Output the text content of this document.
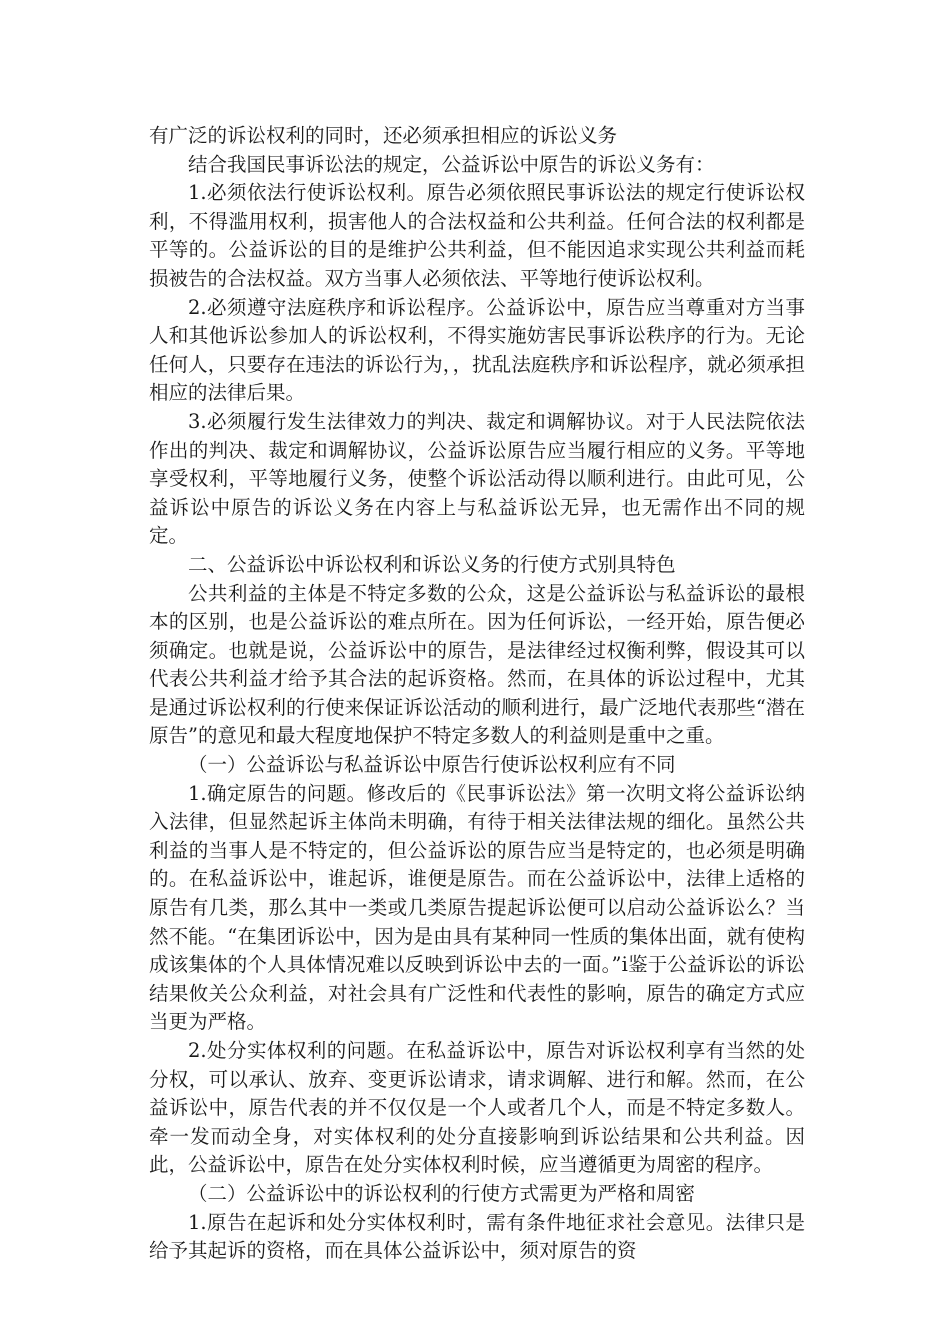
有广泛的诉讼权利的同时，还必须承担相应的诉讼义务

结合我国民事诉讼法的规定，公益诉讼中原告的诉讼义务有：

1.必须依法行使诉讼权利。原告必须依照民事诉讼法的规定行使诉讼权利，不得滥用权利，损害他人的合法权益和公共利益。任何合法的权利都是平等的。公益诉讼的目的是维护公共利益，但不能因追求实现公共利益而耗损被告的合法权益。双方当事人必须依法、平等地行使诉讼权利。

2.必须遵守法庭秩序和诉讼程序。公益诉讼中，原告应当尊重对方当事人和其他诉讼参加人的诉讼权利，不得实施妨害民事诉讼秩序的行为。无论任何人，只要存在违法的诉讼行为，，扰乱法庭秩序和诉讼程序，就必须承担相应的法律后果。

3.必须履行发生法律效力的判决、裁定和调解协议。对于人民法院依法作出的判决、裁定和调解协议，公益诉讼原告应当履行相应的义务。平等地享受权利，平等地履行义务，使整个诉讼活动得以顺利进行。由此可见，公益诉讼中原告的诉讼义务在内容上与私益诉讼无异，也无需作出不同的规定。

二、公益诉讼中诉讼权利和诉讼义务的行使方式别具特色

公共利益的主体是不特定多数的公众，这是公益诉讼与私益诉讼的最根本的区别，也是公益诉讼的难点所在。因为任何诉讼，一经开始，原告便必须确定。也就是说，公益诉讼中的原告，是法律经过权衡利弊，假设其可以代表公共利益才给予其合法的起诉资格。然而，在具体的诉讼过程中，尤其是通过诉讼权利的行使来保证诉讼活动的顺利进行，最广泛地代表那些“潜在原告”的意见和最大程度地保护不特定多数人的利益则是重中之重。

（一）公益诉讼与私益诉讼中原告行使诉讼权利应有不同

1.确定原告的问题。修改后的《民事诉讼法》第一次明文将公益诉讼纳入法律，但显然起诉主体尚未明确，有待于相关法律法规的细化。虽然公共利益的当事人是不特定的，但公益诉讼的原告应当是特定的，也必须是明确的。在私益诉讼中，谁起诉，谁便是原告。而在公益诉讼中，法律上适格的原告有几类，那么其中一类或几类原告提起诉讼便可以启动公益诉讼么？当然不能。“在集团诉讼中，因为是由具有某种同一性质的集体出面，就有使构成该集体的个人具体情况难以反映到诉讼中去的一面。”ⅰ鉴于公益诉讼的诉讼结果攸关公众利益，对社会具有广泛性和代表性的影响，原告的确定方式应当更为严格。

2.处分实体权利的问题。在私益诉讼中，原告对诉讼权利享有当然的处分权，可以承认、放弃、变更诉讼请求，请求调解、进行和解。然而，在公益诉讼中，原告代表的并不仅仅是一个人或者几个人，而是不特定多数人。牵一发而动全身，对实体权利的处分直接影响到诉讼结果和公共利益。因此，公益诉讼中，原告在处分实体权利时候，应当遵循更为周密的程序。

（二）公益诉讼中的诉讼权利的行使方式需更为严格和周密

1.原告在起诉和处分实体权利时，需有条件地征求社会意见。法律只是给予其起诉的资格，而在具体公益诉讼中，须对原告的资
